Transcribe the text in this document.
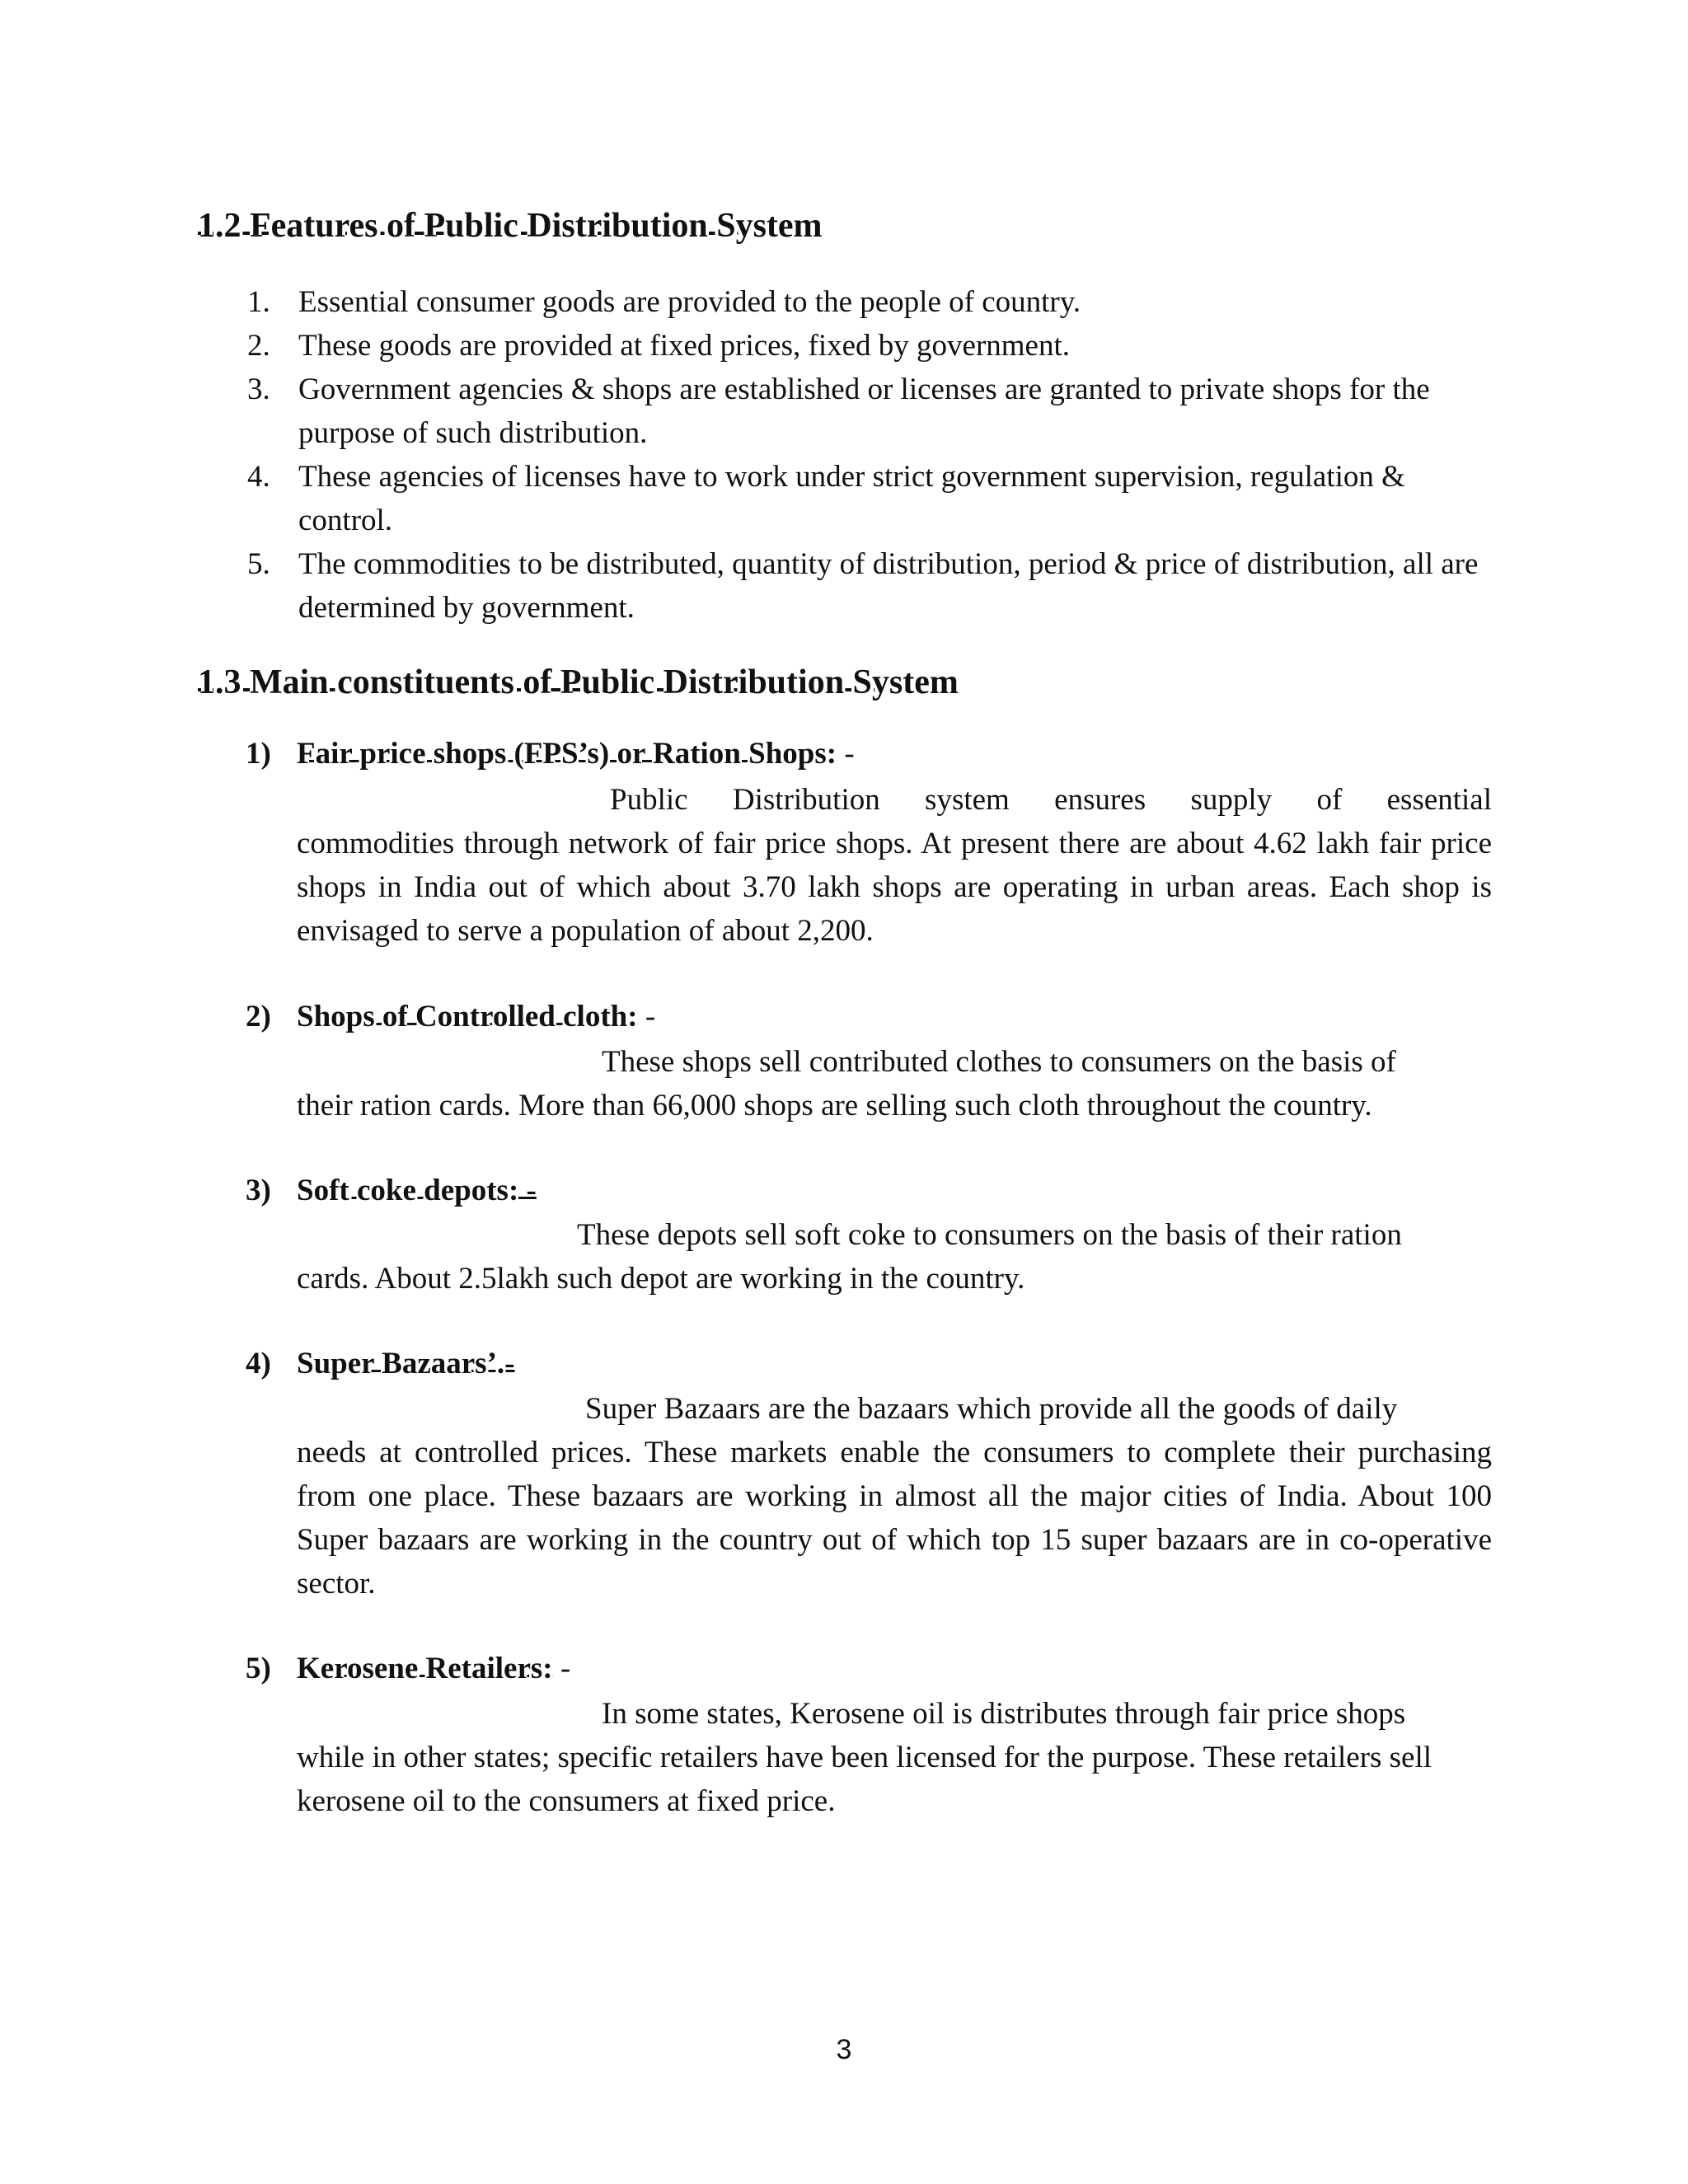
1.2 Features of Public Distribution System
1. Essential consumer goods are provided to the people of country.
2. These goods are provided at fixed prices, fixed by government.
3. Government agencies & shops are established or licenses are granted to private shops for the purpose of such distribution.
4. These agencies of licenses have to work under strict government supervision, regulation & control.
5. The commodities to be distributed, quantity of distribution, period & price of distribution, all are determined by government.
1.3 Main constituents of Public Distribution System
1) Fair price shops (FPS’s) or Ration Shops: -
Public Distribution system ensures supply of essential
commodities through network of fair price shops. At present there are about 4.62 lakh fair price shops in India out of which about 3.70 lakh shops are operating in urban areas. Each shop is envisaged to serve a population of about 2,200.
2) Shops of Controlled cloth: -
These shops sell contributed clothes to consumers on the basis of
their ration cards. More than 66,000 shops are selling such cloth throughout the country.
3) Soft coke depots: -
These depots sell soft coke to consumers on the basis of their ration
cards. About 2.5lakh such depot are working in the country.
4) Super Bazaars’.-
Super Bazaars are the bazaars which provide all the goods of daily
needs at controlled prices. These markets enable the consumers to complete their purchasing from one place. These bazaars are working in almost all the major cities of India. About 100 Super bazaars are working in the country out of which top 15 super bazaars are in co-operative sector.
5) Kerosene Retailers: -
In some states, Kerosene oil is distributes through fair price shops
while in other states; specific retailers have been licensed for the purpose. These retailers sell kerosene oil to the consumers at fixed price.
3
